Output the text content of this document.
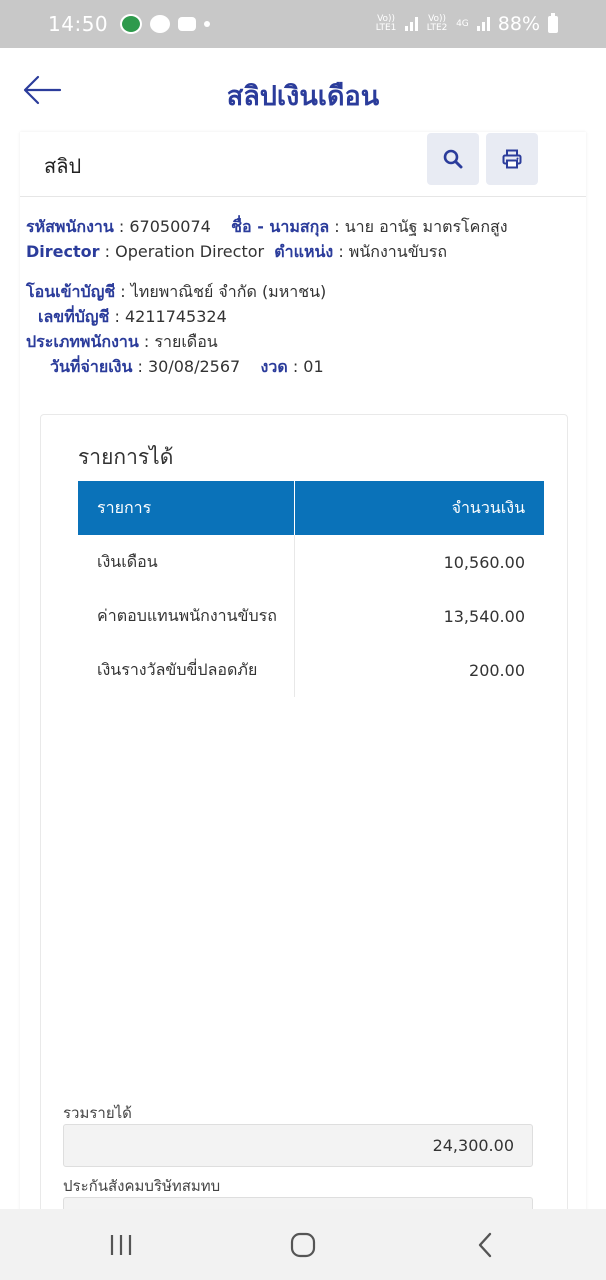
14:50	Vo)) LTE1
Vo)) LTE2 4G 88%
สลิปเงินเดือน
สลิป
รหัสพนักงาน : 67050074 ชื่อ - นามสกุล : นาย อานัฐ มาตรโคกสูง
Director : Operation Director ตำแหน่ง : พนักงานขับรถ
โอนเข้าบัญชี : ไทยพาณิชย์ จำกัด (มหาชน)
เลขที่บัญชี : 4211745324
ประเภทพนักงาน : รายเดือน
วันที่จ่ายเงิน : 30/08/2567 งวด : 01
รายการได้
รายการ	จำนวนเงิน
เงินเดือน	10,560.00
ค่าตอบแทนพนักงานขับรถ	13,540.00
เงินรางวัลขับขี่ปลอดภัย	200.00
รวมรายได้
24,300.00
ประกันสังคมบริษัทสมทบ
